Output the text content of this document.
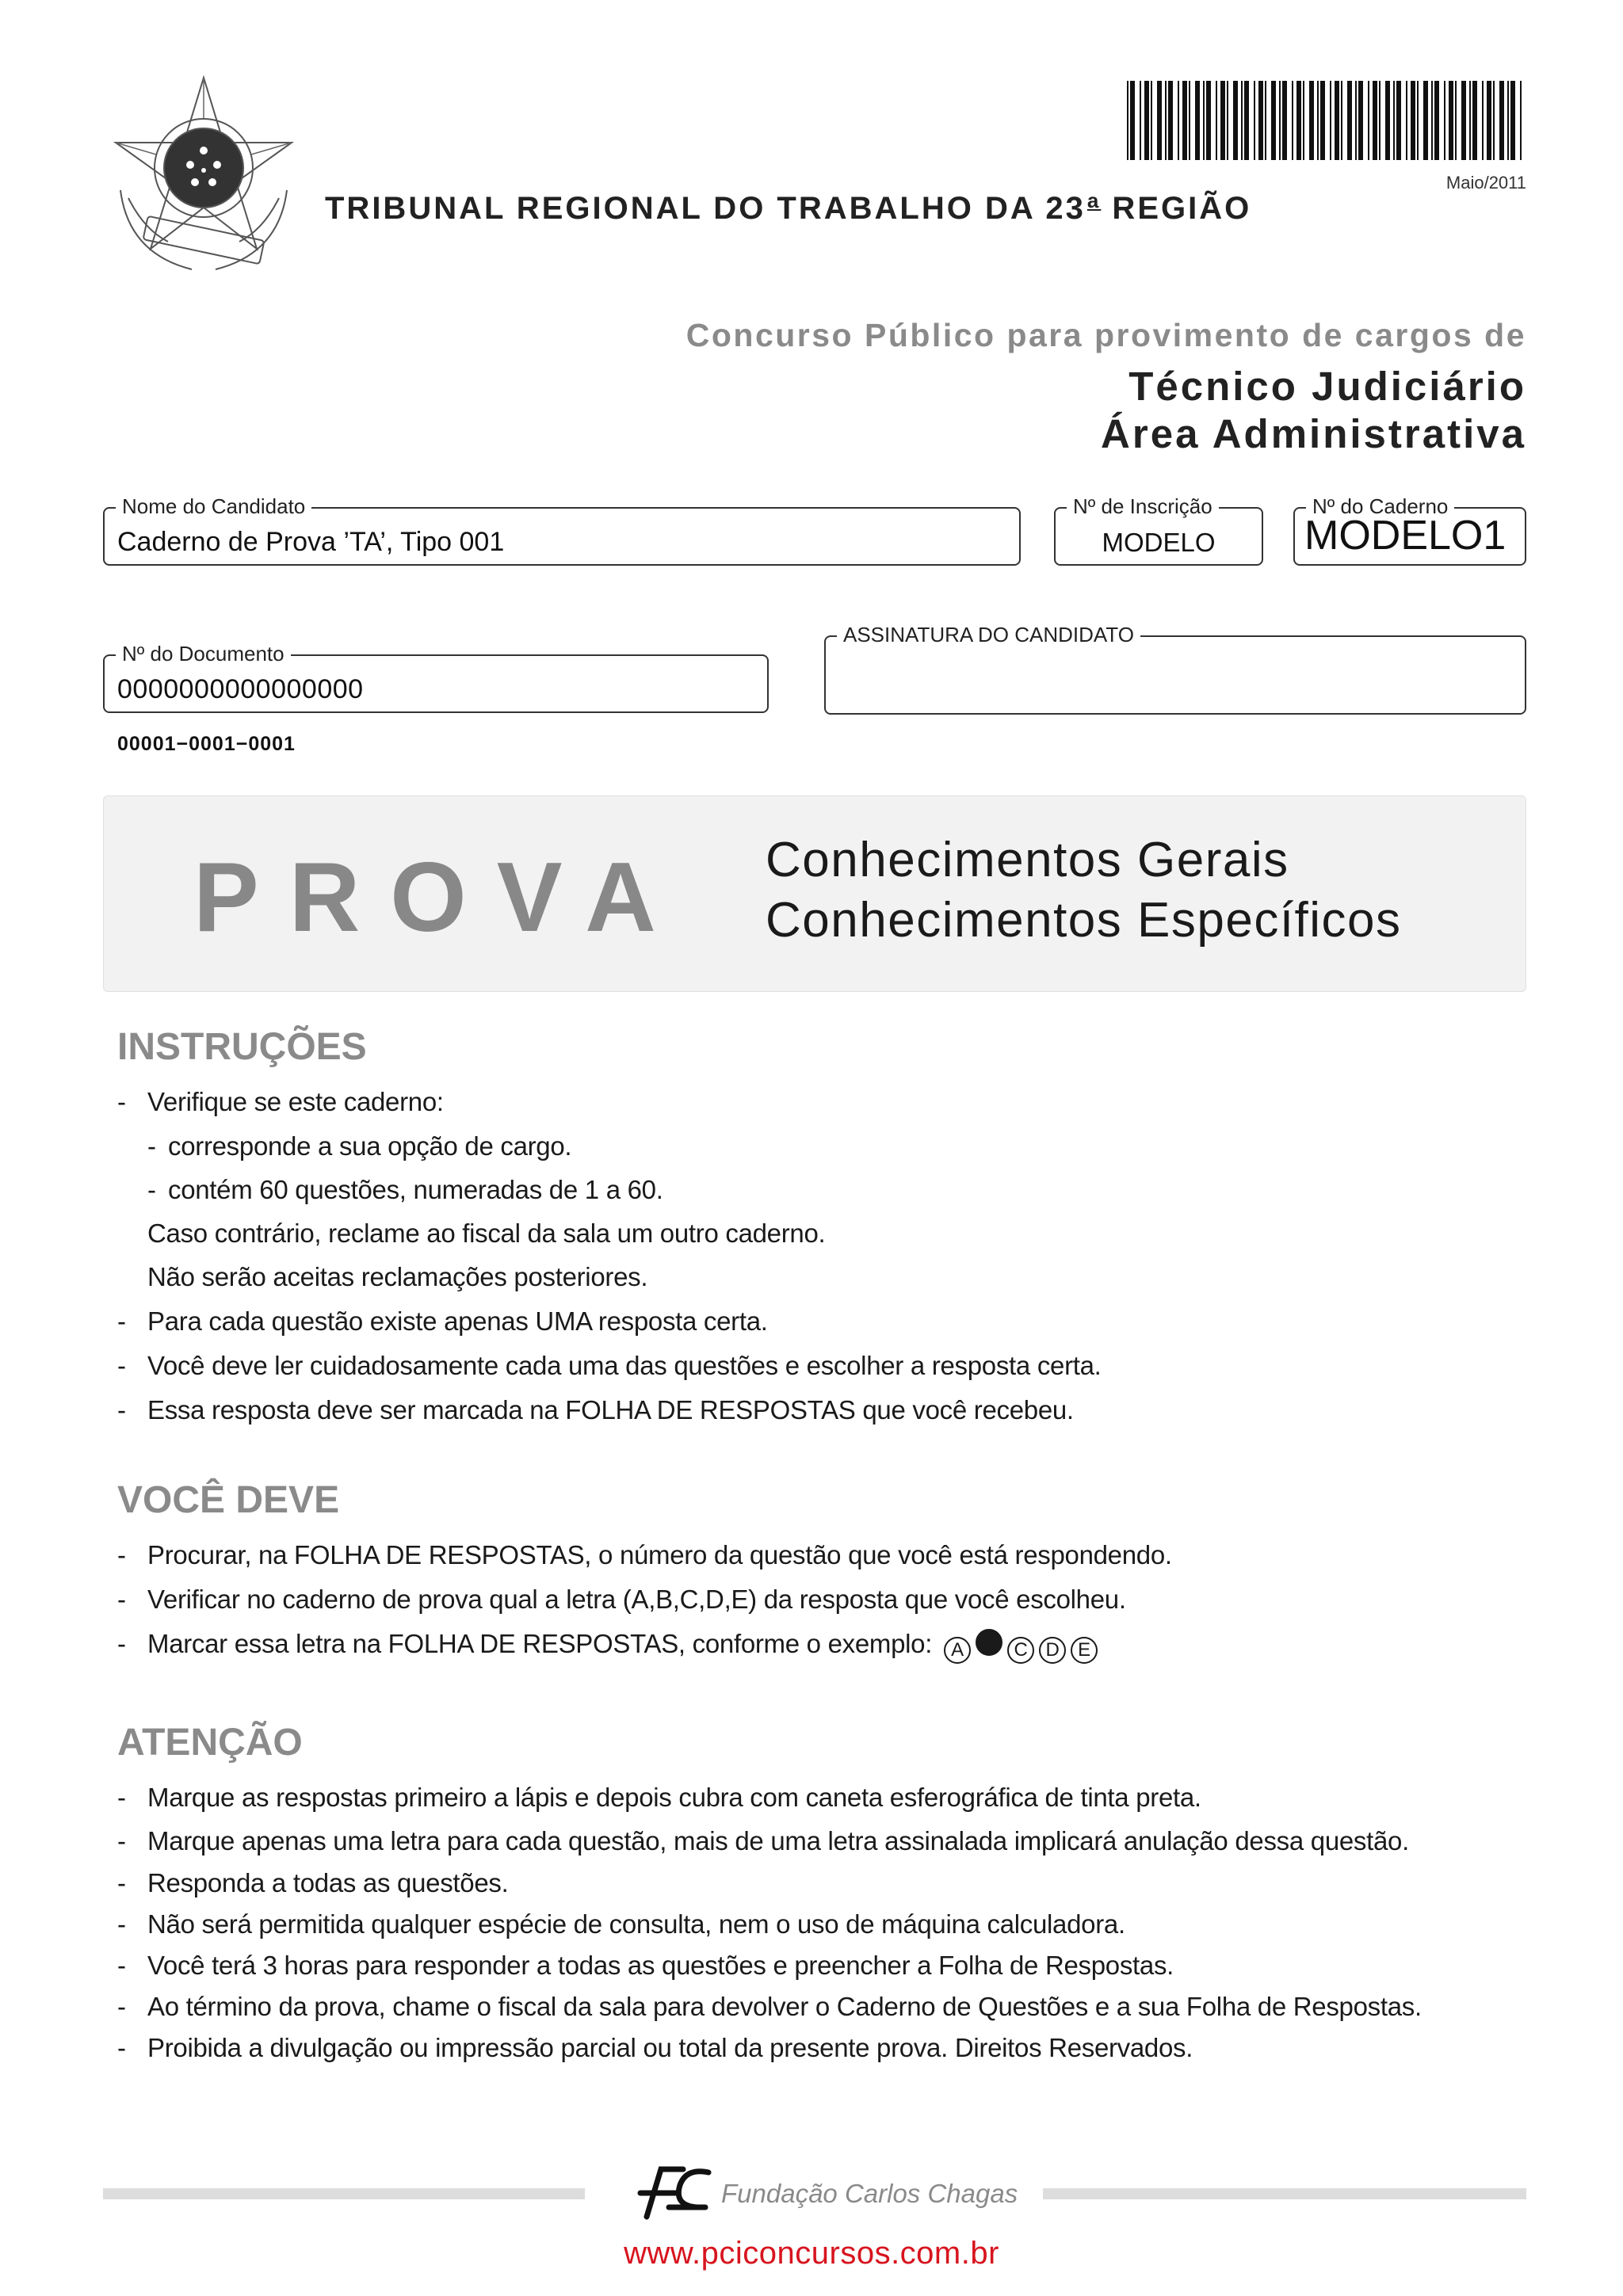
Maio/2011
TRIBUNAL REGIONAL DO TRABALHO DA 23$^a$ REGIÃO
Concurso Público para provimento de cargos de
Técnico Judiciário
Área Administrativa
Nome do Candidato
Caderno de Prova ’TA’, Tipo 001
Nº de Inscrição
MODELO
Nº do Caderno
MODELO1
Nº do Documento
0000000000000000
ASSINATURA DO CANDIDATO
00001−0001−0001
PROVA Conhecimentos Gerais
Conhecimentos Específicos
INSTRUÇÕES
- Verifique se este caderno:
- corresponde a sua opção de cargo.
- contém 60 questões, numeradas de 1 a 60.
Caso contrário, reclame ao fiscal da sala um outro caderno.
Não serão aceitas reclamações posteriores.
- Para cada questão existe apenas UMA resposta certa.
- Você deve ler cuidadosamente cada uma das questões e escolher a resposta certa.
- Essa resposta deve ser marcada na FOLHA DE RESPOSTAS que você recebeu.
VOCÊ DEVE
- Procurar, na FOLHA DE RESPOSTAS, o número da questão que você está respondendo.
- Verificar no caderno de prova qual a letra (A,B,C,D,E) da resposta que você escolheu.
- Marcar essa letra na FOLHA DE RESPOSTAS, conforme o exemplo: A	C D E
ATENÇÃO
- Marque as respostas primeiro a lápis e depois cubra com caneta esferográfica de tinta preta.
- Marque apenas uma letra para cada questão, mais de uma letra assinalada implicará anulação dessa questão.
- Responda a todas as questões.
- Não será permitida qualquer espécie de consulta, nem o uso de máquina calculadora.
- Você terá 3 horas para responder a todas as questões e preencher a Folha de Respostas.
- Ao término da prova, chame o fiscal da sala para devolver o Caderno de Questões e a sua Folha de Respostas.
- Proibida a divulgação ou impressão parcial ou total da presente prova. Direitos Reservados.
Fundação Carlos Chagas
www.pciconcursos.com.br
